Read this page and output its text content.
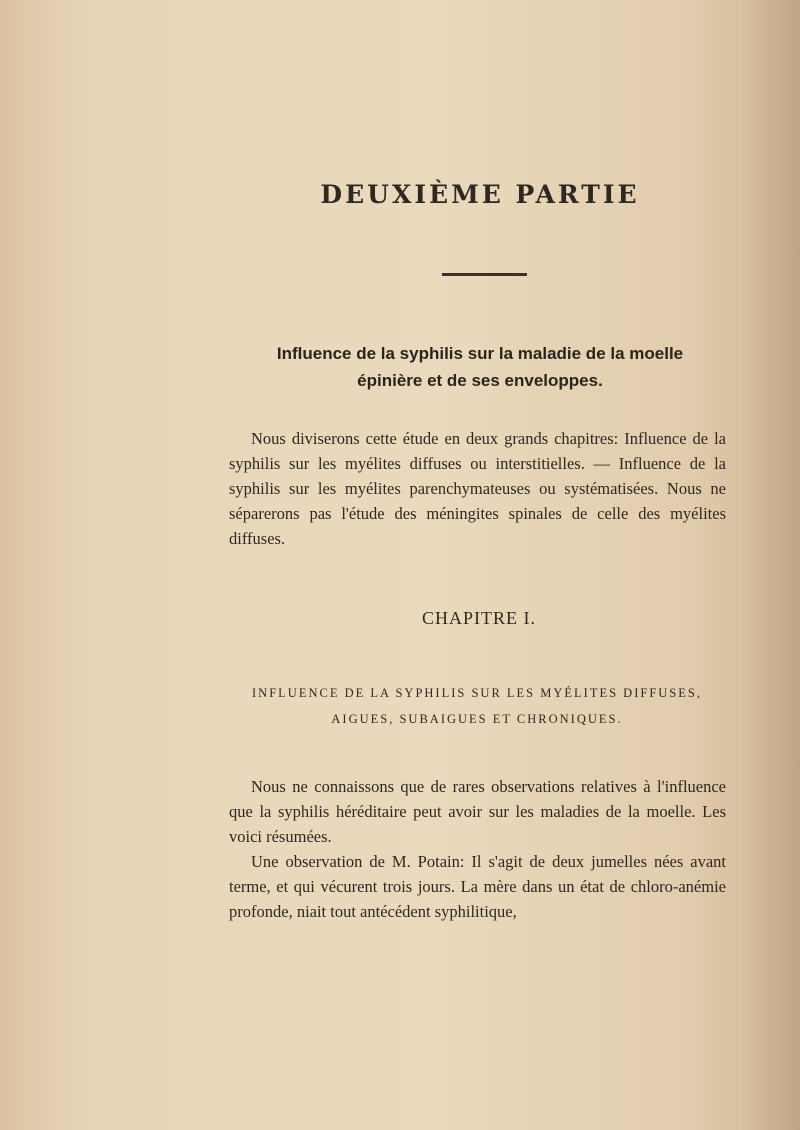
DEUXIÈME PARTIE
Influence de la syphilis sur la maladie de la moelle
épinière et de ses enveloppes.

Nous diviserons cette étude en deux grands chapitres: Influence de la syphilis sur les myélites diffuses ou interstitielles. — Influence de la syphilis sur les myélites parenchymateuses ou systématisées. Nous ne séparerons pas l'étude des méningites spinales de celle des myélites diffuses.

CHAPITRE I.
INFLUENCE DE LA SYPHILIS SUR LES MYÉLITES DIFFUSES,
AIGUES, SUBAIGUES ET CHRONIQUES.

Nous ne connaissons que de rares observations relatives à l'influence que la syphilis héréditaire peut avoir sur les maladies de la moelle. Les voici résumées.

Une observation de M. Potain: Il s'agit de deux jumelles nées avant terme, et qui vécurent trois jours. La mère dans un état de chloro-anémie profonde, niait tout antécédent syphilitique,
